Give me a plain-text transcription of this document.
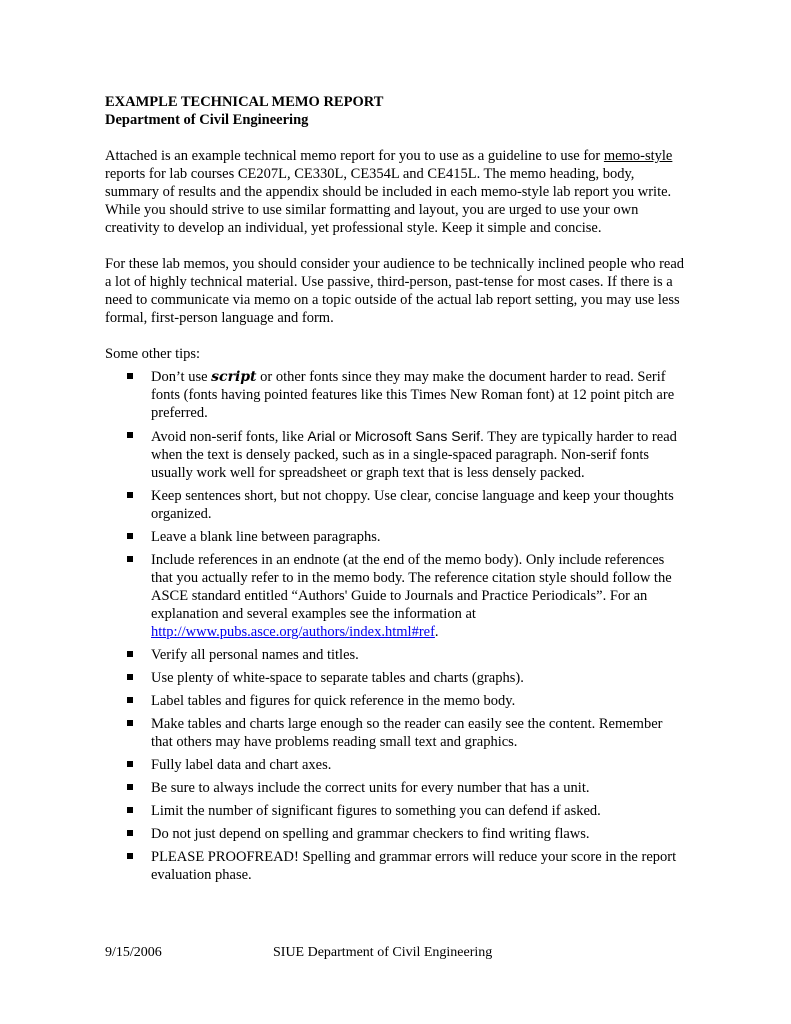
EXAMPLE TECHNICAL MEMO REPORT

Department of Civil Engineering

Attached is an example technical memo report for you to use as a guideline to use for memo-style reports for lab courses CE207L, CE330L, CE354L and CE415L. The memo heading, body, summary of results and the appendix should be included in each memo-style lab report you write. While you should strive to use similar formatting and layout, you are urged to use your own creativity to develop an individual, yet professional style. Keep it simple and concise.

For these lab memos, you should consider your audience to be technically inclined people who read a lot of highly technical material. Use passive, third-person, past-tense for most cases. If there is a need to communicate via memo on a topic outside of the actual lab report setting, you may use less formal, first-person language and form.

Some other tips:

Don’t use script or other fonts since they may make the document harder to read. Serif fonts (fonts having pointed features like this Times New Roman font) at 12 point pitch are preferred.
Avoid non-serif fonts, like Arial or Microsoft Sans Serif. They are typically harder to read when the text is densely packed, such as in a single-spaced paragraph. Non-serif fonts usually work well for spreadsheet or graph text that is less densely packed.
Keep sentences short, but not choppy. Use clear, concise language and keep your thoughts organized.
Leave a blank line between paragraphs.
Include references in an endnote (at the end of the memo body). Only include references that you actually refer to in the memo body. The reference citation style should follow the ASCE standard entitled “Authors' Guide to Journals and Practice Periodicals”. For an explanation and several examples see the information at http://www.pubs.asce.org/authors/index.html#ref.
Verify all personal names and titles.
Use plenty of white-space to separate tables and charts (graphs).
Label tables and figures for quick reference in the memo body.
Make tables and charts large enough so the reader can easily see the content. Remember that others may have problems reading small text and graphics.
Fully label data and chart axes.
Be sure to always include the correct units for every number that has a unit.
Limit the number of significant figures to something you can defend if asked.
Do not just depend on spelling and grammar checkers to find writing flaws.
PLEASE PROOFREAD! Spelling and grammar errors will reduce your score in the report evaluation phase.
9/15/2006	SIUE Department of Civil Engineering
